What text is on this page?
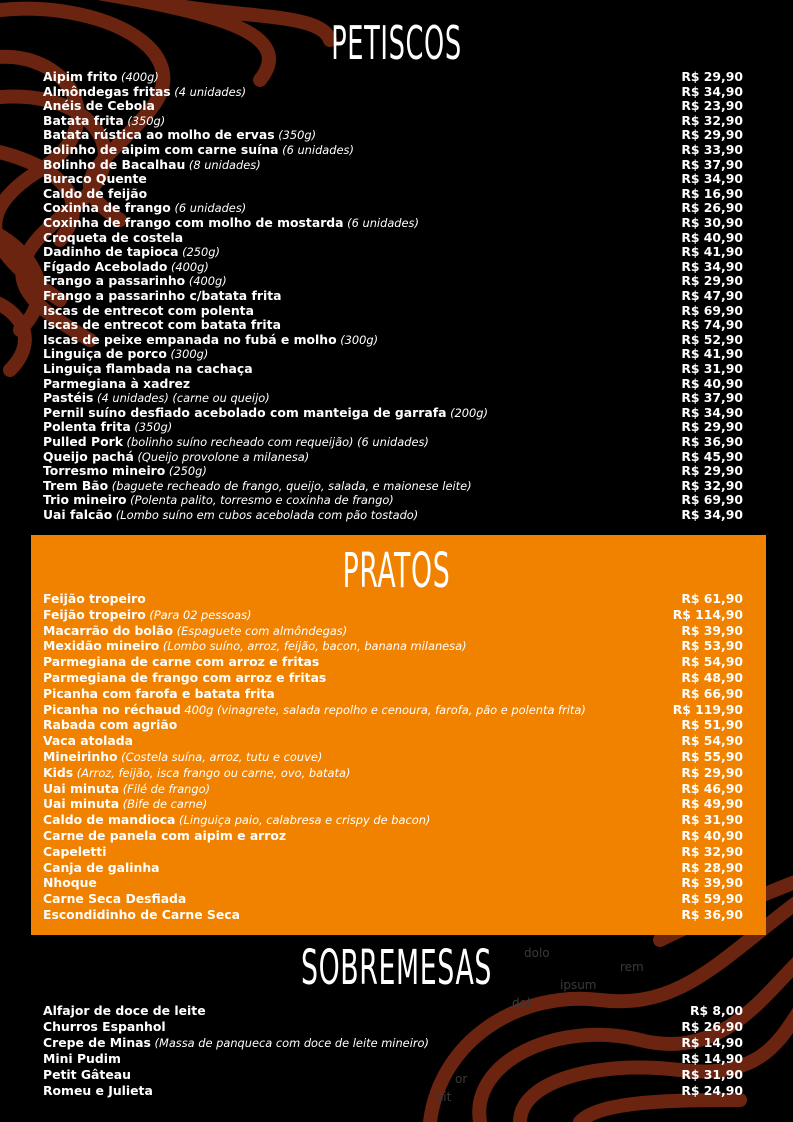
dolo
rem
ipsum
dol
or
sit
PETISCOS
PRATOS
SOBREMESAS
Aipim frito (400g)	R$ 29,90
Almôndegas fritas (4 unidades)	R$ 34,90
Anéis de Cebola	R$ 23,90
Batata frita (350g)	R$ 32,90
Batata rústica ao molho de ervas (350g)	R$ 29,90
Bolinho de aipim com carne suína (6 unidades)	R$ 33,90
Bolinho de Bacalhau (8 unidades)	R$ 37,90
Buraco Quente	R$ 34,90
Caldo de feijão	R$ 16,90
Coxinha de frango (6 unidades)	R$ 26,90
Coxinha de frango com molho de mostarda (6 unidades)	R$ 30,90
Croqueta de costela	R$ 40,90
Dadinho de tapioca (250g)	R$ 41,90
Fígado Acebolado (400g)	R$ 34,90
Frango a passarinho (400g)	R$ 29,90
Frango a passarinho c/batata frita	R$ 47,90
Iscas de entrecot com polenta	R$ 69,90
Iscas de entrecot com batata frita	R$ 74,90
Iscas de peixe empanada no fubá e molho (300g)	R$ 52,90
Linguiça de porco (300g)	R$ 41,90
Linguiça flambada na cachaça	R$ 31,90
Parmegiana à xadrez	R$ 40,90
Pastéis (4 unidades) (carne ou queijo)	R$ 37,90
Pernil suíno desfiado acebolado com manteiga de garrafa (200g)	R$ 34,90
Polenta frita (350g)	R$ 29,90
Pulled Pork (bolinho suíno recheado com requeijão) (6 unidades)	R$ 36,90
Queijo pachá (Queijo provolone a milanesa)	R$ 45,90
Torresmo mineiro (250g)	R$ 29,90
Trem Bão (baguete recheado de frango, queijo, salada, e maionese leite)	R$ 32,90
Trio mineiro (Polenta palito, torresmo e coxinha de frango)	R$ 69,90
Uai falcão (Lombo suíno em cubos acebolada com pão tostado)	R$ 34,90
Feijão tropeiro	R$ 61,90
Feijão tropeiro (Para 02 pessoas)	R$ 114,90
Macarrão do bolão (Espaguete com almôndegas)	R$ 39,90
Mexidão mineiro (Lombo suíno, arroz, feijão, bacon, banana milanesa)	R$ 53,90
Parmegiana de carne com arroz e fritas	R$ 54,90
Parmegiana de frango com arroz e fritas	R$ 48,90
Picanha com farofa e batata frita	R$ 66,90
Picanha no réchaud 400g (vinagrete, salada repolho e cenoura, farofa, pão e polenta frita)	R$ 119,90
Rabada com agrião	R$ 51,90
Vaca atolada	R$ 54,90
Mineirinho (Costela suína, arroz, tutu e couve)	R$ 55,90
Kids (Arroz, feijão, isca frango ou carne, ovo, batata)	R$ 29,90
Uai minuta (Filé de frango)	R$ 46,90
Uai minuta (Bife de carne)	R$ 49,90
Caldo de mandioca (Linguiça paio, calabresa e crispy de bacon)	R$ 31,90
Carne de panela com aipim e arroz	R$ 40,90
Capeletti	R$ 32,90
Canja de galinha	R$ 28,90
Nhoque	R$ 39,90
Carne Seca Desfiada	R$ 59,90
Escondidinho de Carne Seca	R$ 36,90
Alfajor de doce de leite	R$ 8,00
Churros Espanhol	R$ 26,90
Crepe de Minas (Massa de panqueca com doce de leite mineiro)	R$ 14,90
Mini Pudim	R$ 14,90
Petit Gâteau	R$ 31,90
Romeu e Julieta	R$ 24,90
